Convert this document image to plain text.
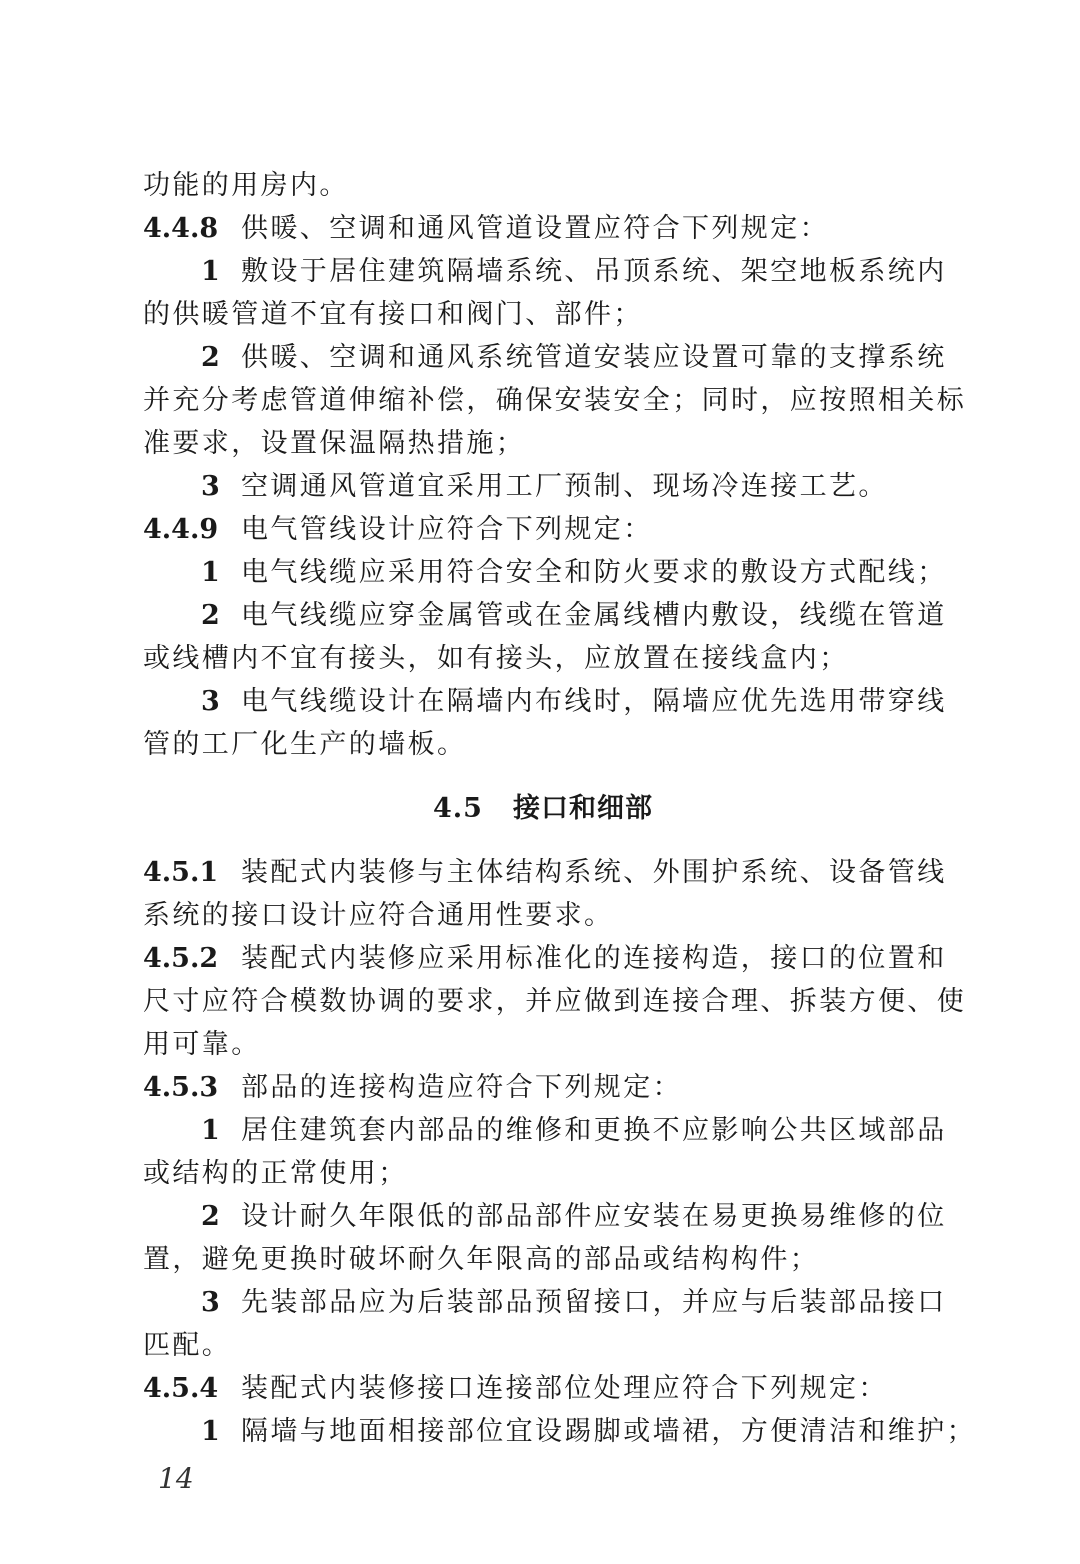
功能的用房内。
4.4.8 供暖、空调和通风管道设置应符合下列规定：
1 敷设于居住建筑隔墙系统、吊顶系统、架空地板系统内
的供暖管道不宜有接口和阀门、部件；
2 供暖、空调和通风系统管道安装应设置可靠的支撑系统
并充分考虑管道伸缩补偿，确保安装安全；同时，应按照相关标
准要求，设置保温隔热措施；
3 空调通风管道宜采用工厂预制、现场冷连接工艺。
4.4.9 电气管线设计应符合下列规定：
1 电气线缆应采用符合安全和防火要求的敷设方式配线；
2 电气线缆应穿金属管或在金属线槽内敷设，线缆在管道
或线槽内不宜有接头，如有接头，应放置在接线盒内；
3 电气线缆设计在隔墙内布线时，隔墙应优先选用带穿线
管的工厂化生产的墙板。
4.5 接口和细部
4.5.1 装配式内装修与主体结构系统、外围护系统、设备管线
系统的接口设计应符合通用性要求。
4.5.2 装配式内装修应采用标准化的连接构造，接口的位置和
尺寸应符合模数协调的要求，并应做到连接合理、拆装方便、使
用可靠。
4.5.3 部品的连接构造应符合下列规定：
1 居住建筑套内部品的维修和更换不应影响公共区域部品
或结构的正常使用；
2 设计耐久年限低的部品部件应安装在易更换易维修的位
置，避免更换时破坏耐久年限高的部品或结构构件；
3 先装部品应为后装部品预留接口，并应与后装部品接口
匹配。
4.5.4 装配式内装修接口连接部位处理应符合下列规定：
1 隔墙与地面相接部位宜设踢脚或墙裙，方便清洁和维护；
14
